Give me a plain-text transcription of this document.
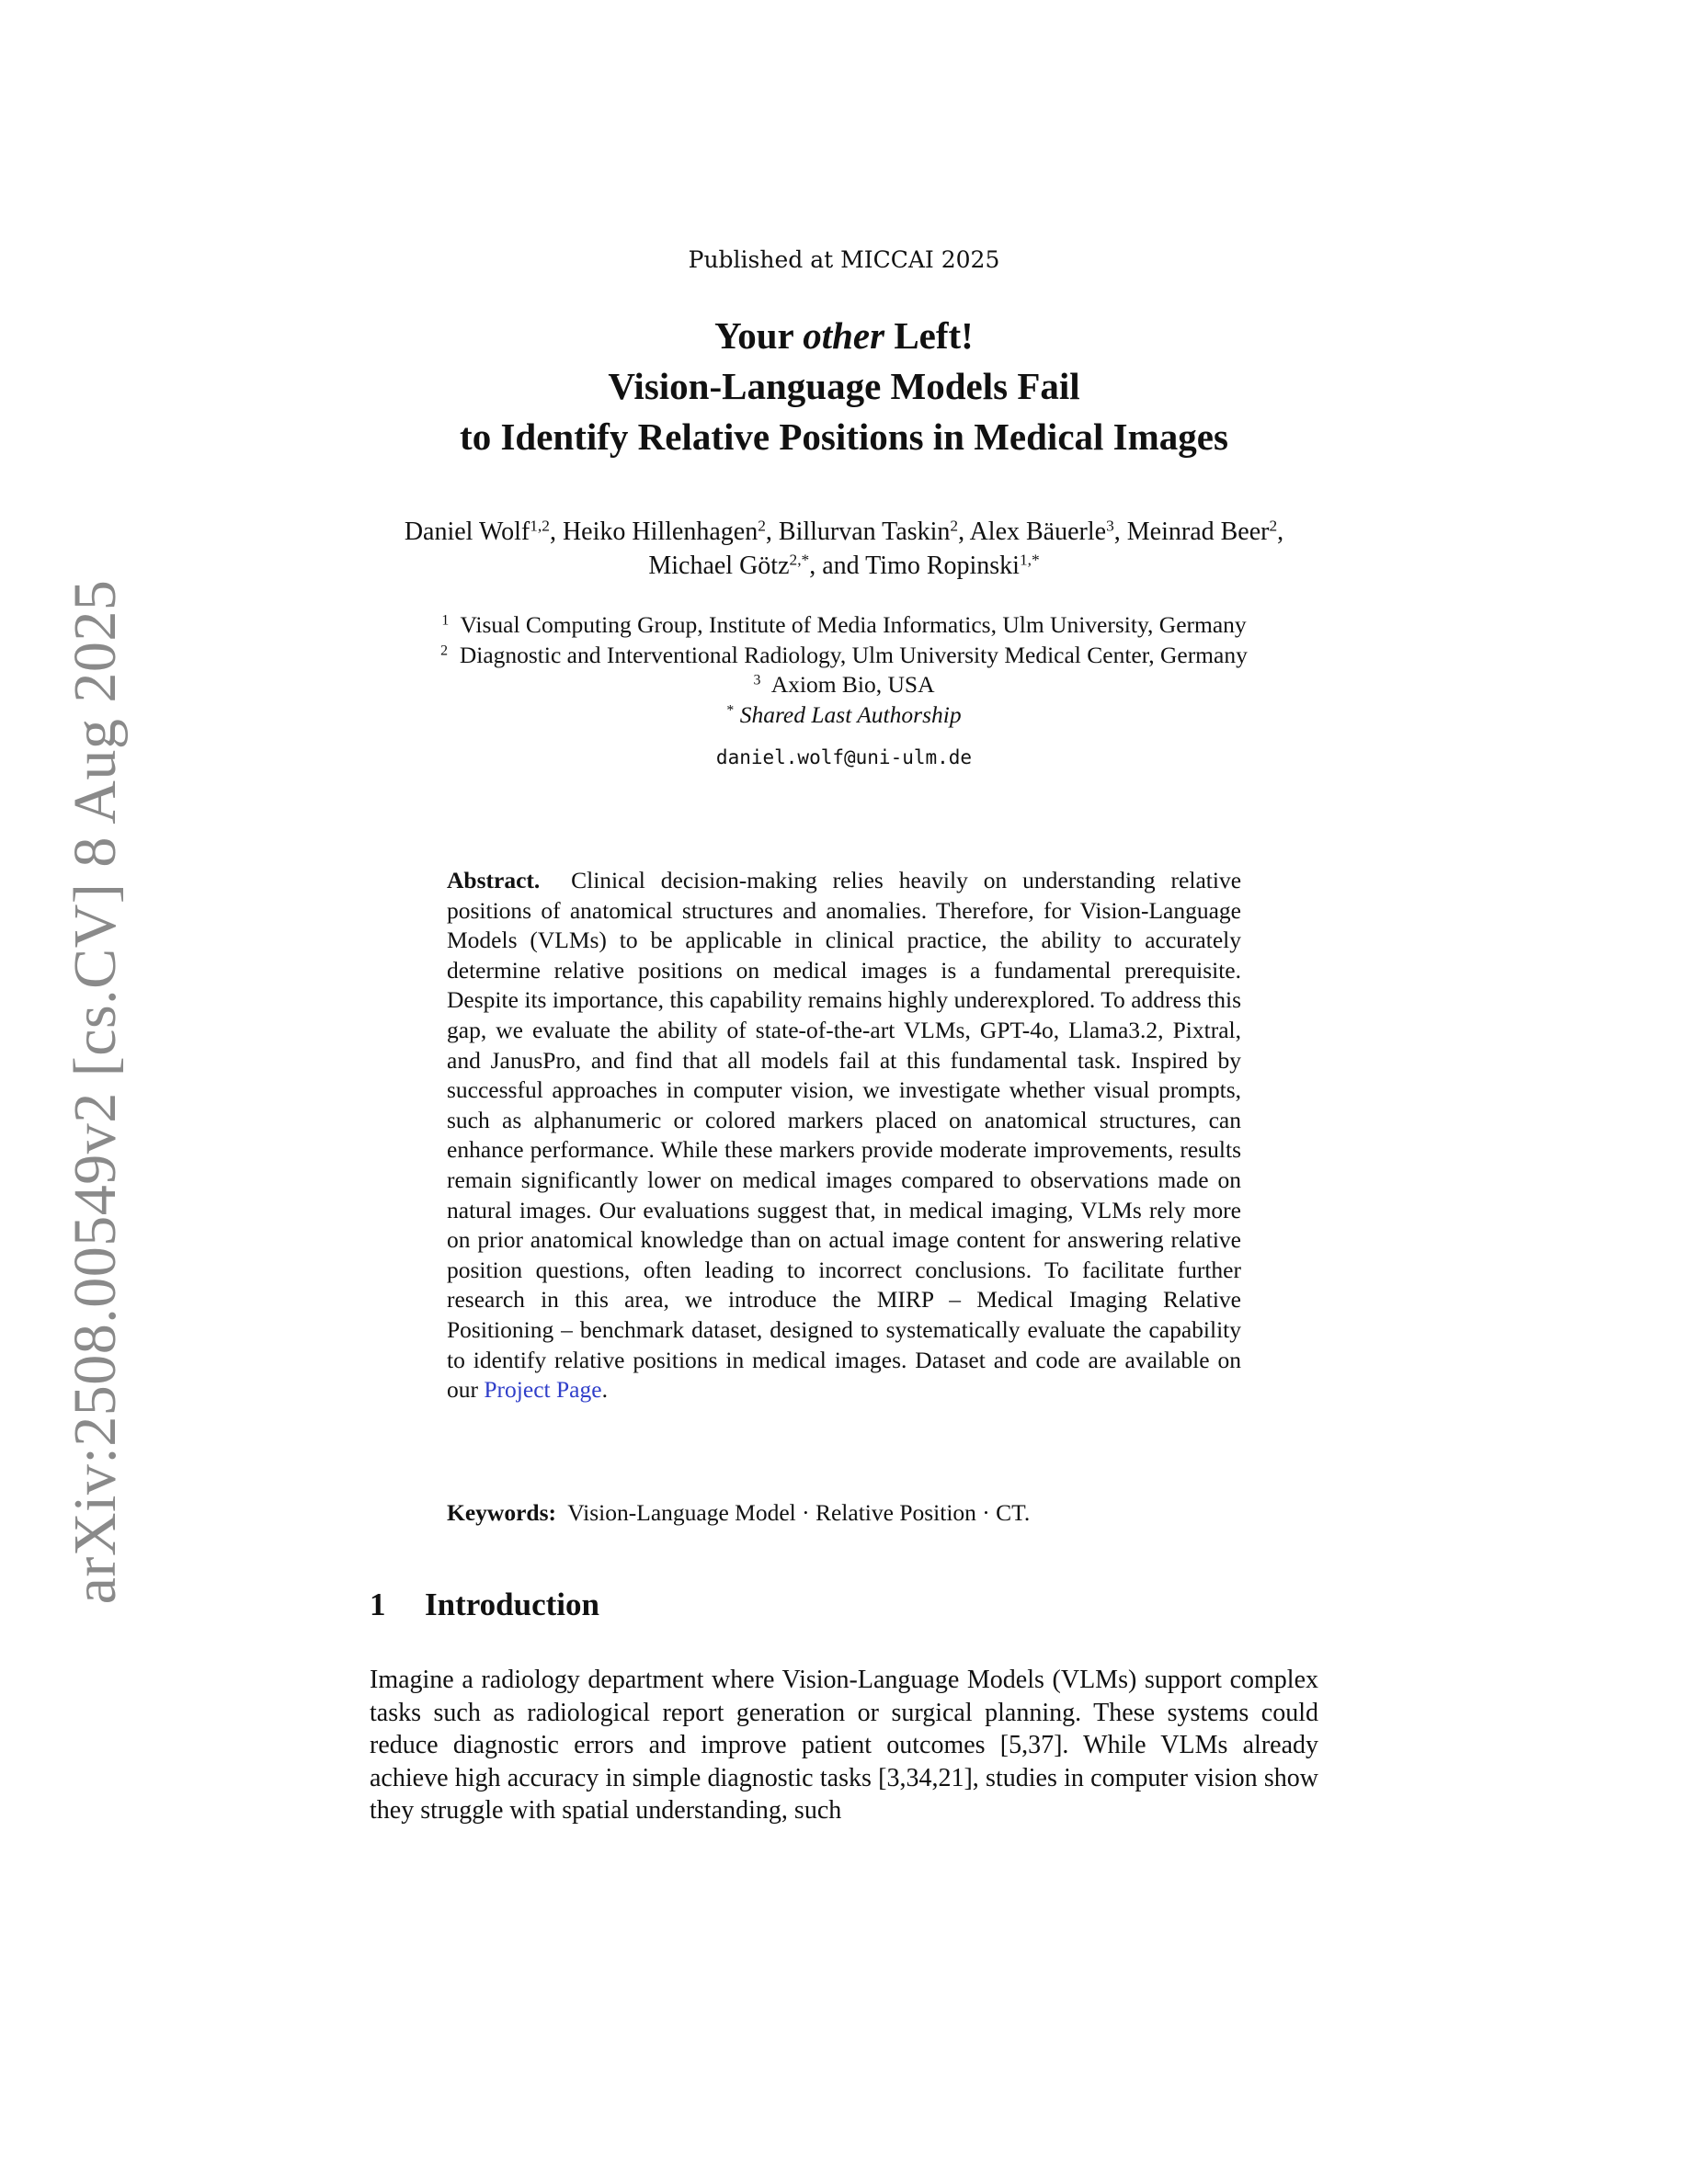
arXiv:2508.00549v2 [cs.CV] 8 Aug 2025
Published at MICCAI 2025
Your other Left!
Vision-Language Models Fail
to Identify Relative Positions in Medical Images
Daniel Wolf$^{1,2}$, Heiko Hillenhagen$^2$, Billurvan Taskin$^2$, Alex Bäuerle$^3$, Meinrad Beer$^2$, Michael Götz$^{2,*}$, and Timo Ropinski$^{1,*}$
$^1$ Visual Computing Group, Institute of Media Informatics, Ulm University, Germany
$^2$ Diagnostic and Interventional Radiology, Ulm University Medical Center, Germany
$^3$ Axiom Bio, USA
* Shared Last Authorship
daniel.wolf@uni-ulm.de
Abstract. Clinical decision-making relies heavily on understanding relative positions of anatomical structures and anomalies. Therefore, for Vision-Language Models (VLMs) to be applicable in clinical practice, the ability to accurately determine relative positions on medical images is a fundamental prerequisite. Despite its importance, this capability remains highly underexplored. To address this gap, we evaluate the ability of state-of-the-art VLMs, GPT-4o, Llama3.2, Pixtral, and JanusPro, and find that all models fail at this fundamental task. Inspired by successful approaches in computer vision, we investigate whether visual prompts, such as alphanumeric or colored markers placed on anatomical structures, can enhance performance. While these markers provide moderate improvements, results remain significantly lower on medical images compared to observations made on natural images. Our evaluations suggest that, in medical imaging, VLMs rely more on prior anatomical knowledge than on actual image content for answering relative position questions, often leading to incorrect conclusions. To facilitate further research in this area, we introduce the MIRP – Medical Imaging Relative Positioning – benchmark dataset, designed to systematically evaluate the capability to identify relative positions in medical images. Dataset and code are available on our Project Page.
Keywords: Vision-Language Model · Relative Position · CT.
1 Introduction
Imagine a radiology department where Vision-Language Models (VLMs) support complex tasks such as radiological report generation or surgical planning. These systems could reduce diagnostic errors and improve patient outcomes [5,37]. While VLMs already achieve high accuracy in simple diagnostic tasks [3,34,21], studies in computer vision show they struggle with spatial understanding, such
